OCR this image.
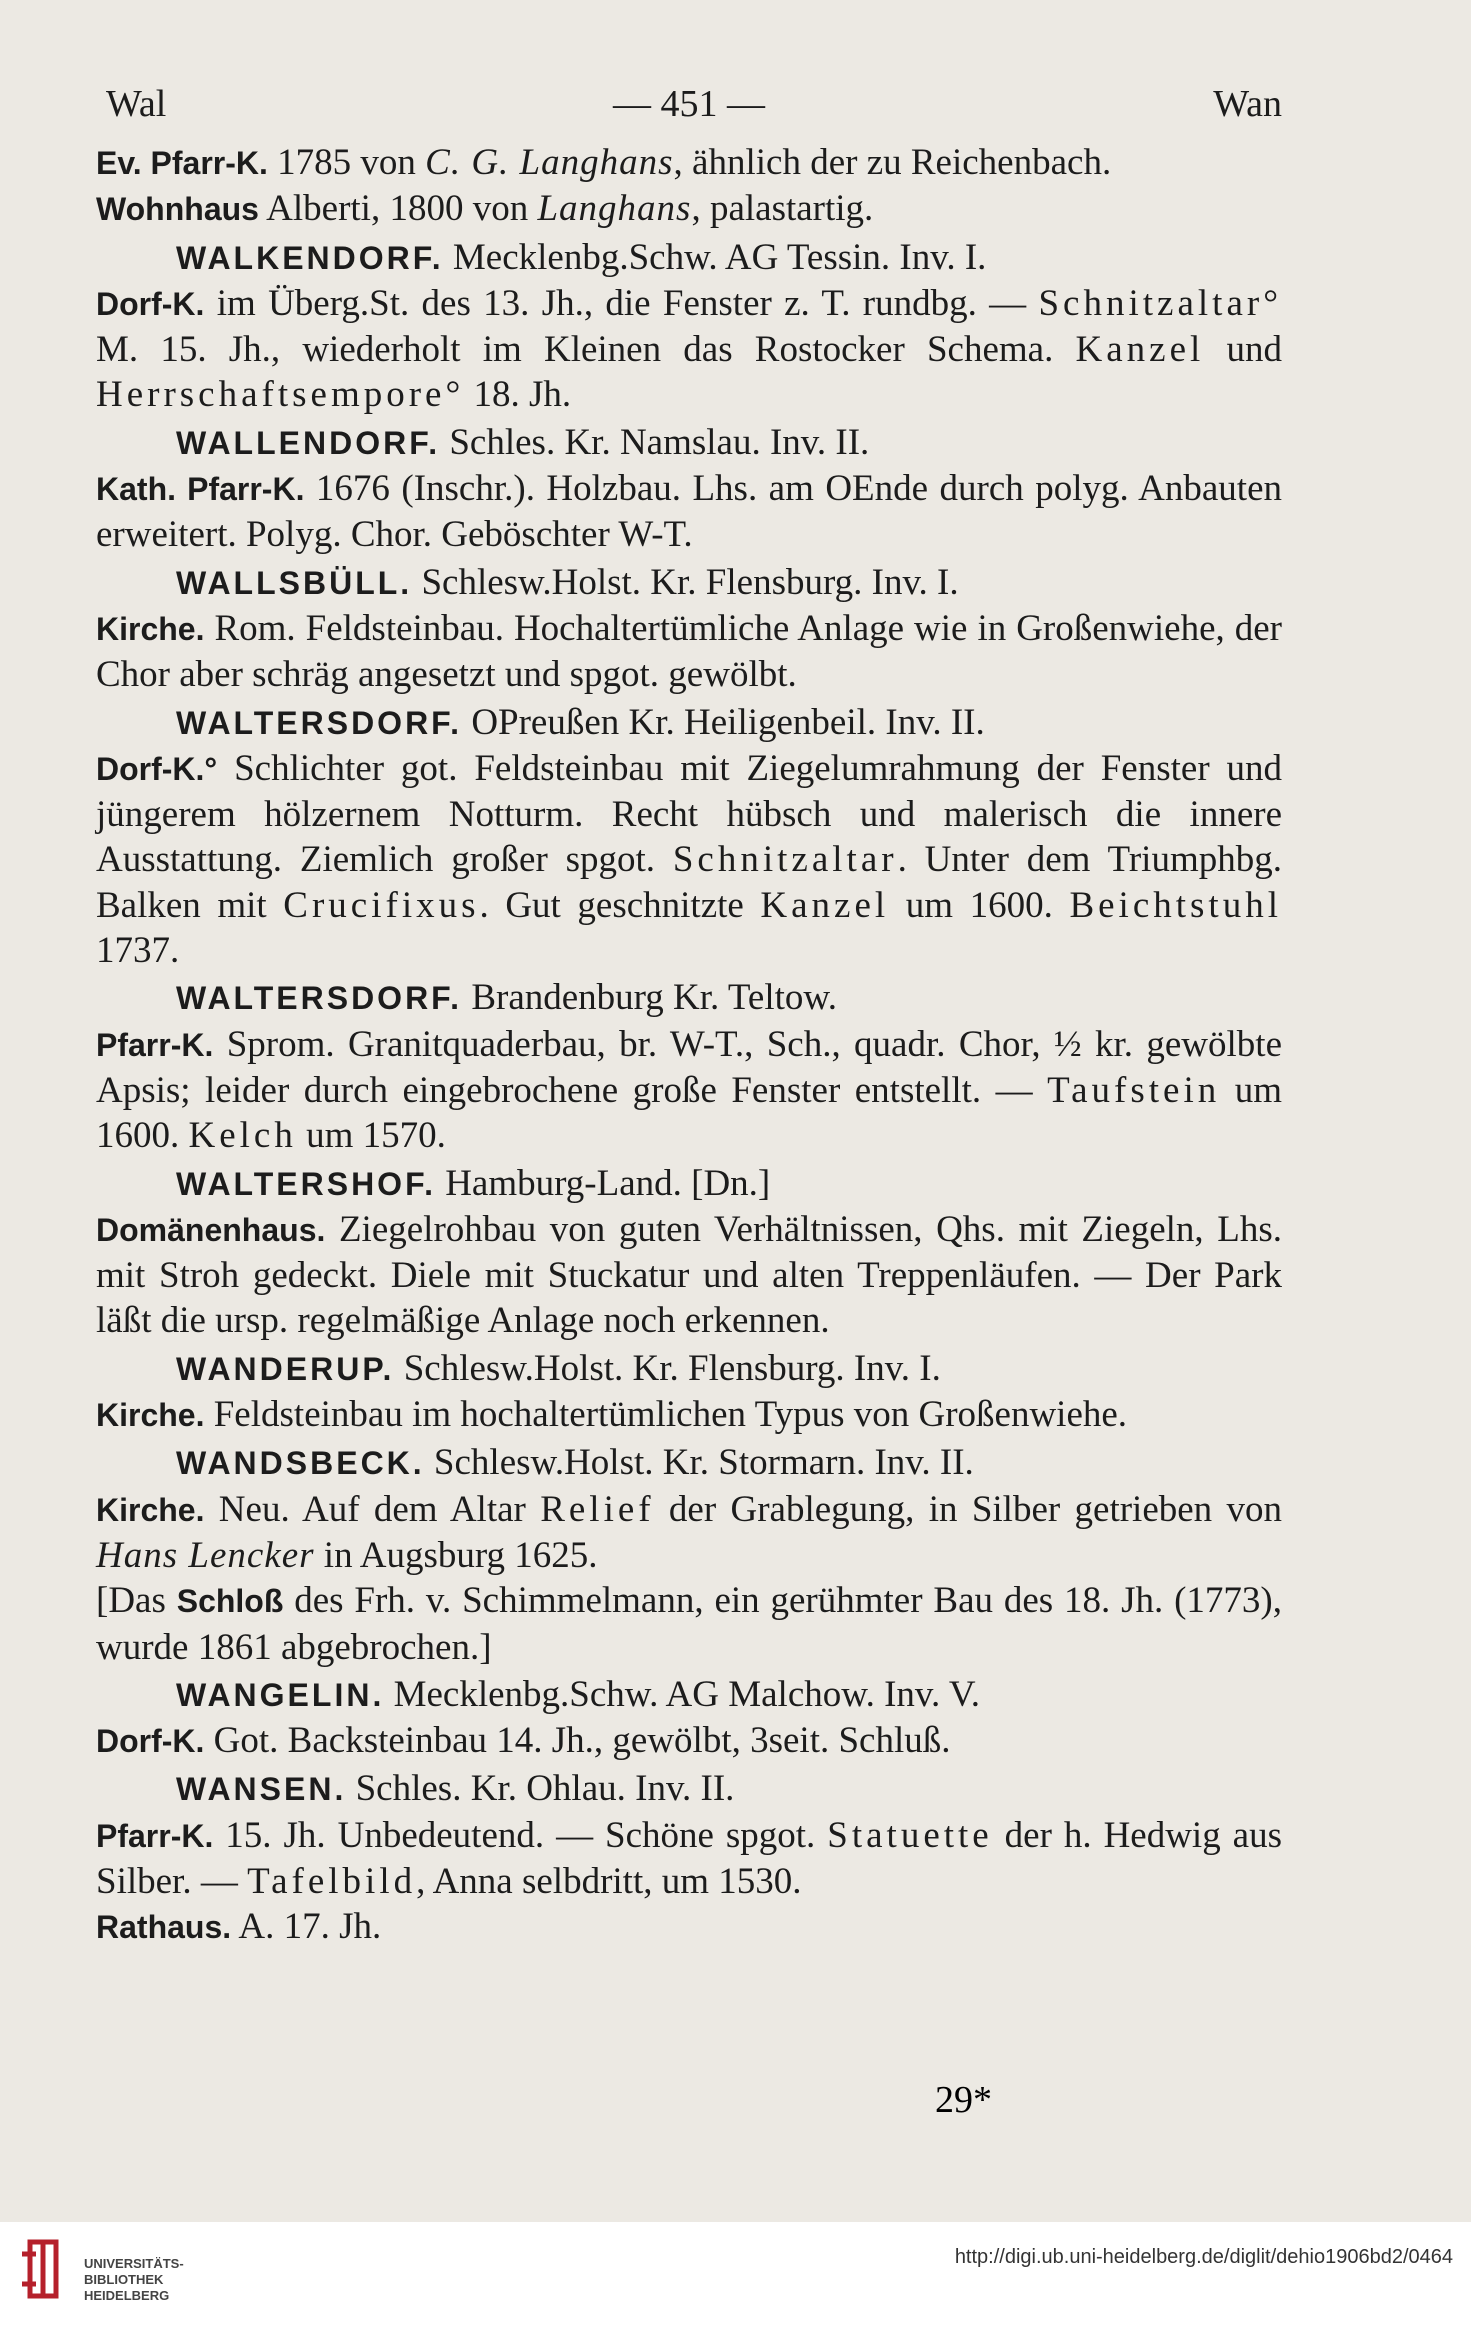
Wal	— 451 —	Wan

Ev. Pfarr-K. 1785 von C. G. Langhans, ähnlich der zu Reichenbach.

Wohnhaus Alberti, 1800 von Langhans, palastartig.

WALKENDORF. Mecklenbg.Schw. AG Tessin. Inv. I.

Dorf-K. im Überg.St. des 13. Jh., die Fenster z. T. rundbg. — Schnitzaltar° M. 15. Jh., wiederholt im Kleinen das Rostocker Schema. Kanzel und Herrschaftsempore° 18. Jh.

WALLENDORF. Schles. Kr. Namslau. Inv. II.

Kath. Pfarr-K. 1676 (Inschr.). Holzbau. Lhs. am OEnde durch polyg. Anbauten erweitert. Polyg. Chor. Geböschter W-T.

WALLSBÜLL. Schlesw.Holst. Kr. Flensburg. Inv. I.

Kirche. Rom. Feldsteinbau. Hochaltertümliche Anlage wie in Großenwiehe, der Chor aber schräg angesetzt und spgot. gewölbt.

WALTERSDORF. OPreußen Kr. Heiligenbeil. Inv. II.

Dorf-K.° Schlichter got. Feldsteinbau mit Ziegelumrahmung der Fenster und jüngerem hölzernem Notturm. Recht hübsch und malerisch die innere Ausstattung. Ziemlich großer spgot. Schnitzaltar. Unter dem Triumphbg. Balken mit Crucifixus. Gut geschnitzte Kanzel um 1600. Beichtstuhl 1737.

WALTERSDORF. Brandenburg Kr. Teltow.

Pfarr-K. Sprom. Granitquaderbau, br. W-T., Sch., quadr. Chor, ½ kr. gewölbte Apsis; leider durch eingebrochene große Fenster entstellt. — Taufstein um 1600. Kelch um 1570.

WALTERSHOF. Hamburg-Land. [Dn.]

Domänenhaus. Ziegelrohbau von guten Verhältnissen, Qhs. mit Ziegeln, Lhs. mit Stroh gedeckt. Diele mit Stuckatur und alten Treppenläufen. — Der Park läßt die ursp. regelmäßige Anlage noch erkennen.

WANDERUP. Schlesw.Holst. Kr. Flensburg. Inv. I.

Kirche. Feldsteinbau im hochaltertümlichen Typus von Großenwiehe.

WANDSBECK. Schlesw.Holst. Kr. Stormarn. Inv. II.

Kirche. Neu. Auf dem Altar Relief der Grablegung, in Silber getrieben von Hans Lencker in Augsburg 1625.

[Das Schloß des Frh. v. Schimmelmann, ein gerühmter Bau des 18. Jh. (1773), wurde 1861 abgebrochen.]

WANGELIN. Mecklenbg.Schw. AG Malchow. Inv. V.

Dorf-K. Got. Backsteinbau 14. Jh., gewölbt, 3seit. Schluß.

WANSEN. Schles. Kr. Ohlau. Inv. II.

Pfarr-K. 15. Jh. Unbedeutend. — Schöne spgot. Statuette der h. Hedwig aus Silber. — Tafelbild, Anna selbdritt, um 1530.

Rathaus. A. 17. Jh.

29*
UNIVERSITÄTS-
BIBLIOTHEK
HEIDELBERG
http://digi.ub.uni-heidelberg.de/diglit/dehio1906bd2/0464
